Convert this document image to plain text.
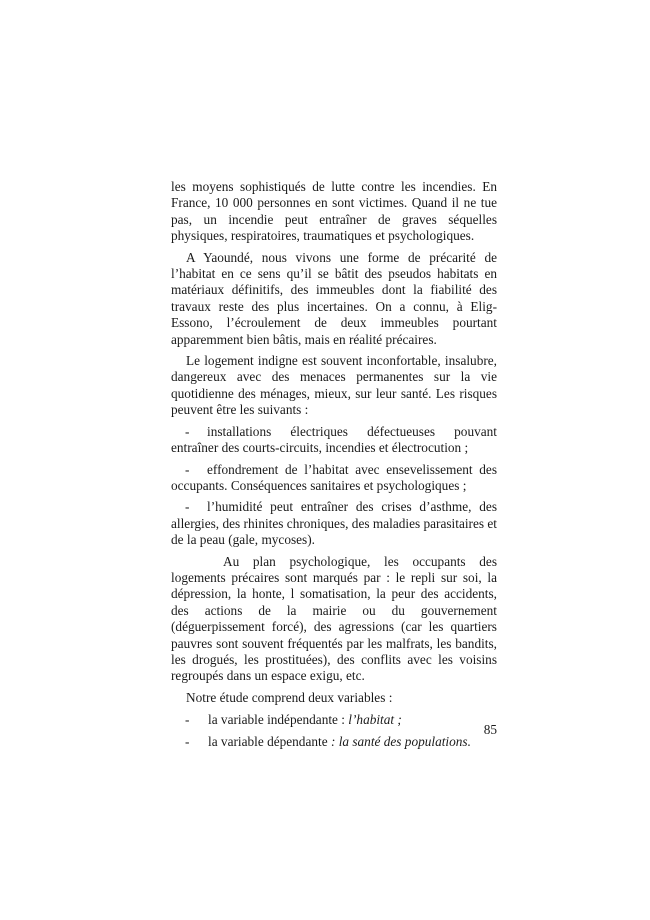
les moyens sophistiqués de lutte contre les incendies. En France, 10 000 personnes en sont victimes. Quand il ne tue pas, un incendie peut entraîner de graves séquelles physiques, respiratoires, traumatiques et psychologiques.

A Yaoundé, nous vivons une forme de précarité de l’habitat en ce sens qu’il se bâtit des pseudos habitats en matériaux définitifs, des immeubles dont la fiabilité des travaux reste des plus incertaines. On a connu, à Elig-Essono, l’écroulement de deux immeubles pourtant apparemment bien bâtis, mais en réalité précaires.

Le logement indigne est souvent inconfortable, insalubre, dangereux avec des menaces permanentes sur la vie quotidienne des ménages, mieux, sur leur santé. Les risques peuvent être les suivants :

- installations électriques défectueuses pouvant entraîner des courts-circuits, incendies et électrocution ;

- effondrement de l’habitat avec ensevelissement des occupants. Conséquences sanitaires et psychologiques ;

- l’humidité peut entraîner des crises d’asthme, des allergies, des rhinites chroniques, des maladies parasitaires et de la peau (gale, mycoses).

Au plan psychologique, les occupants des logements précaires sont marqués par : le repli sur soi, la dépression, la honte, l somatisation, la peur des accidents, des actions de la mairie ou du gouvernement (déguerpissement forcé), des agressions (car les quartiers pauvres sont souvent fréquentés par les malfrats, les bandits, les drogués, les prostituées), des conflits avec les voisins regroupés dans un espace exigu, etc.

Notre étude comprend deux variables :

-	la variable indépendante : l’habitat ;
-	la variable dépendante : la santé des populations.
85
